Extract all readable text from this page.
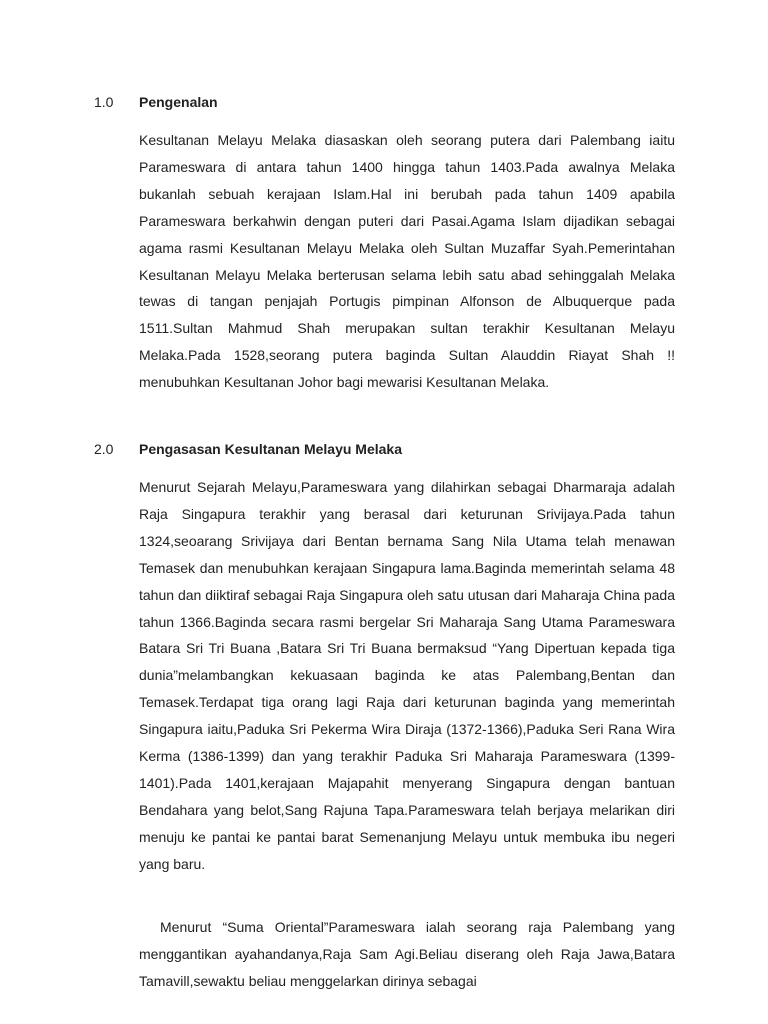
1.0 Pengenalan

Kesultanan Melayu Melaka diasaskan oleh seorang putera dari Palembang iaitu Parameswara di antara tahun 1400 hingga tahun 1403.Pada awalnya Melaka bukanlah sebuah kerajaan Islam.Hal ini berubah pada tahun 1409 apabila Parameswara berkahwin dengan puteri dari Pasai.Agama Islam dijadikan sebagai agama rasmi Kesultanan Melayu Melaka oleh Sultan Muzaffar Syah.Pemerintahan Kesultanan Melayu Melaka berterusan selama lebih satu abad sehinggalah Melaka tewas di tangan penjajah Portugis pimpinan Alfonson de Albuquerque pada 1511.Sultan Mahmud Shah merupakan sultan terakhir Kesultanan Melayu Melaka.Pada 1528,seorang putera baginda Sultan Alauddin Riayat Shah !! menubuhkan Kesultanan Johor bagi mewarisi Kesultanan Melaka.

2.0 Pengasasan Kesultanan Melayu Melaka

Menurut Sejarah Melayu,Parameswara yang dilahirkan sebagai Dharmaraja adalah Raja Singapura terakhir yang berasal dari keturunan Srivijaya.Pada tahun 1324,seoarang Srivijaya dari Bentan bernama Sang Nila Utama telah menawan Temasek dan menubuhkan kerajaan Singapura lama.Baginda memerintah selama 48 tahun dan diiktiraf sebagai Raja Singapura oleh satu utusan dari Maharaja China pada tahun 1366.Baginda secara rasmi bergelar Sri Maharaja Sang Utama Parameswara Batara Sri Tri Buana ,Batara Sri Tri Buana bermaksud “Yang Dipertuan kepada tiga dunia”melambangkan kekuasaan baginda ke atas Palembang,Bentan dan Temasek.Terdapat tiga orang lagi Raja dari keturunan baginda yang memerintah Singapura iaitu,Paduka Sri Pekerma Wira Diraja (1372-1366),Paduka Seri Rana Wira Kerma (1386-1399) dan yang terakhir Paduka Sri Maharaja Parameswara (1399-1401).Pada 1401,kerajaan Majapahit menyerang Singapura dengan bantuan Bendahara yang belot,Sang Rajuna Tapa.Parameswara telah berjaya melarikan diri menuju ke pantai ke pantai barat Semenanjung Melayu untuk membuka ibu negeri yang baru.

Menurut “Suma Oriental”Parameswara ialah seorang raja Palembang yang menggantikan ayahandanya,Raja Sam Agi.Beliau diserang oleh Raja Jawa,Batara Tamavill,sewaktu beliau menggelarkan dirinya sebagai
